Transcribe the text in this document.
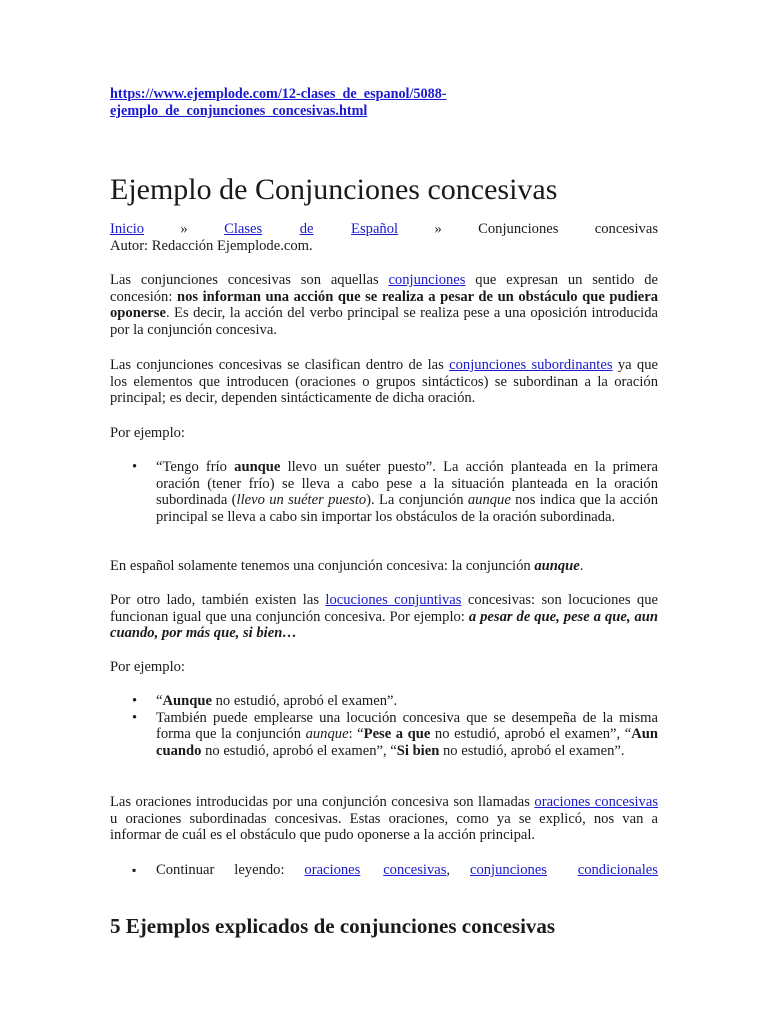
https://www.ejemplode.com/12-clases_de_espanol/5088-
ejemplo_de_conjunciones_concesivas.html
Ejemplo de Conjunciones concesivas
Inicio » Clases	de	Español » Conjunciones concesivas
Autor: Redacción Ejemplode.com.

Las conjunciones concesivas son aquellas conjunciones que expresan un sentido de concesión: nos informan una acción que se realiza a pesar de un obstáculo que pudiera oponerse. Es decir, la acción del verbo principal se realiza pese a una oposición introducida por la conjunción concesiva.

Las conjunciones concesivas se clasifican dentro de las conjunciones subordinantes ya que los elementos que introducen (oraciones o grupos sintácticos) se subordinan a la oración principal; es decir, dependen sintácticamente de dicha oración.

Por ejemplo:

• “Tengo frío aunque llevo un suéter puesto”. La acción planteada en la primera oración (tener frío) se lleva a cabo pese a la situación planteada en la oración subordinada (llevo un suéter puesto). La conjunción aunque nos indica que la acción principal se lleva a cabo sin importar los obstáculos de la oración subordinada.

En español solamente tenemos una conjunción concesiva: la conjunción aunque.

Por otro lado, también existen las locuciones conjuntivas concesivas: son locuciones que funcionan igual que una conjunción concesiva. Por ejemplo: a pesar de que, pese a que, aun cuando, por más que, si bien…

Por ejemplo:

• “Aunque no estudió, aprobó el examen”.
• También puede emplearse una locución concesiva que se desempeña de la misma forma que la conjunción aunque: “Pese a que no estudió, aprobó el examen”, “Aun cuando no estudió, aprobó el examen”, “Si bien no estudió, aprobó el examen”.

Las oraciones introducidas por una conjunción concesiva son llamadas oraciones concesivas u oraciones subordinadas concesivas. Estas oraciones, como ya se explicó, nos van a informar de cuál es el obstáculo que pudo oponerse a la acción principal.

▪ Continuar leyendo: oraciones concesivas , conjunciones condicionales
5 Ejemplos explicados de conjunciones concesivas
